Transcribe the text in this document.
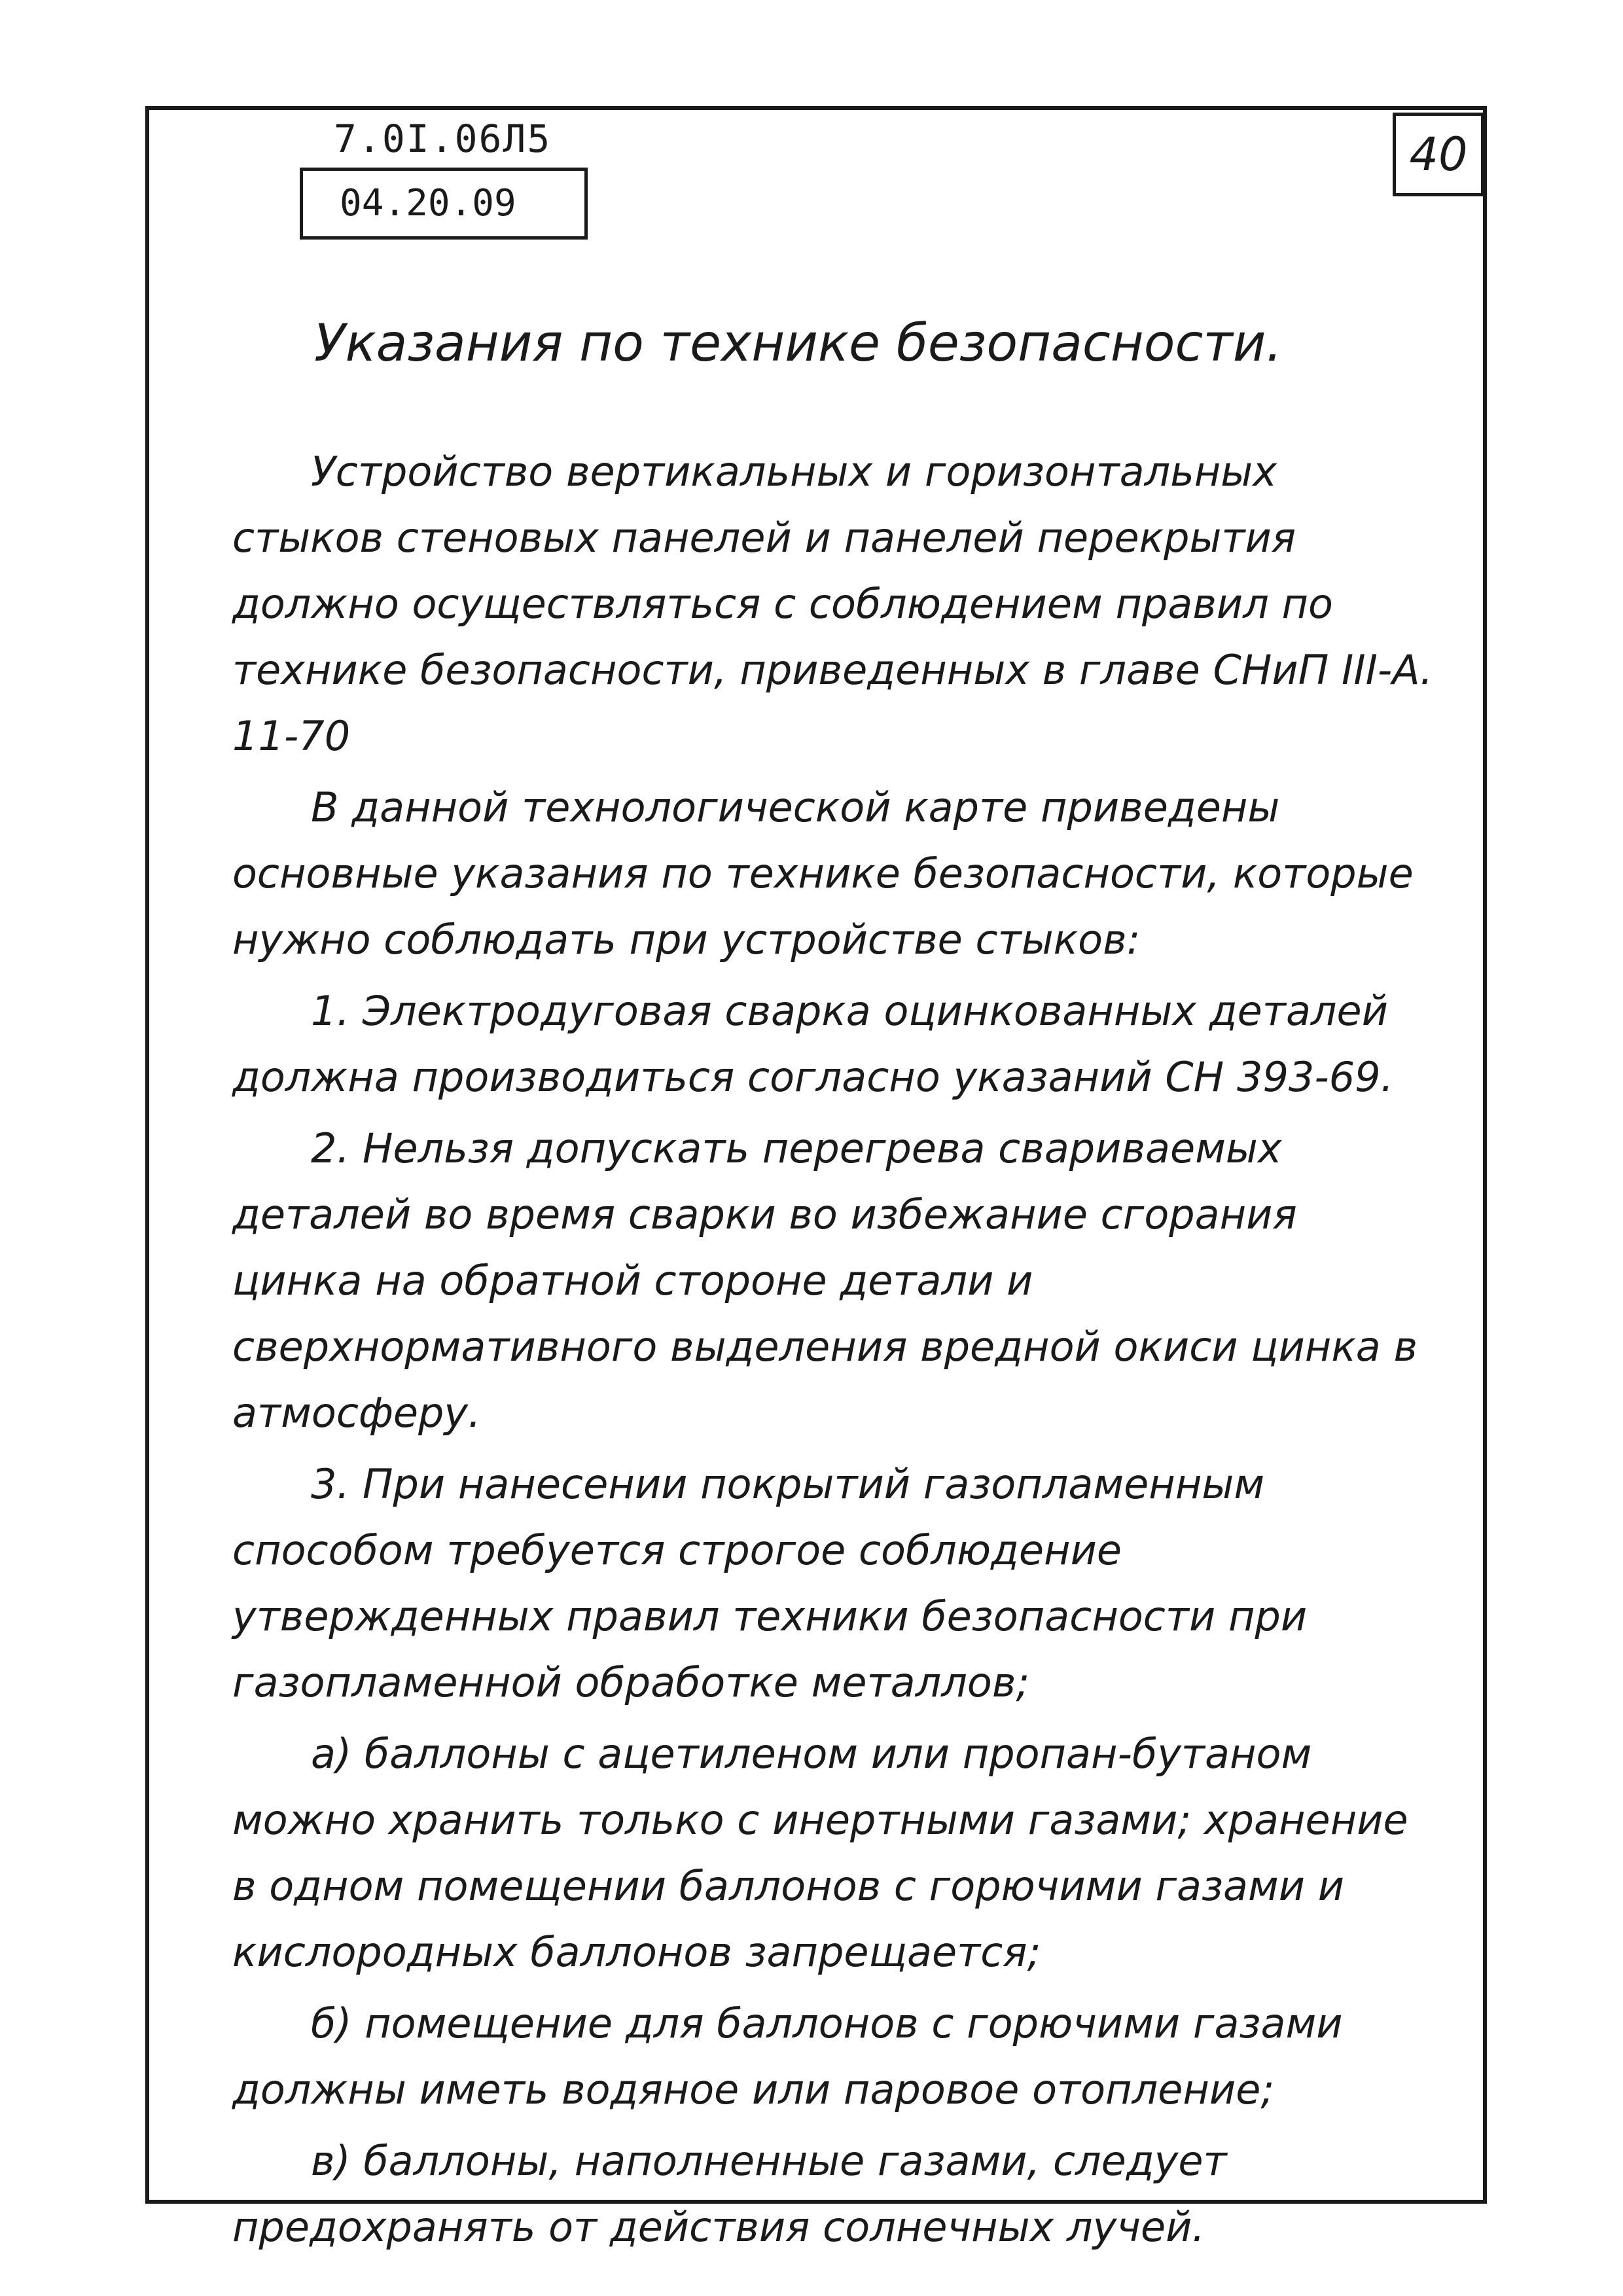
7.0I.06Л5
04.20.09
40
Указания по технике безопасности.

Устройство вертикальных и горизонтальных стыков стеновых панелей и панелей перекрытия должно осуществляться с соблюдением правил по технике безопасности, приведенных в главе СНиП III-А. 11-70

В данной технологической карте приведены основные указания по технике безопасности, которые нужно соблюдать при устройстве стыков:

1. Электродуговая сварка оцинкованных деталей должна производиться согласно указаний СН 393-69.

2. Нельзя допускать перегрева свариваемых деталей во время сварки во избежание сгорания цинка на обратной стороне детали и сверхнормативного выделения вредной окиси цинка в атмосферу.

3. При нанесении покрытий газопламенным способом требуется строгое соблюдение утвержденных правил техники безопасности при газопламенной обработке металлов;

а) баллоны с ацетиленом или пропан-бутаном можно хранить только с инертными газами; хранение в одном помещении баллонов с горючими газами и кислородных баллонов запрещается;

б) помещение для баллонов с горючими газами должны иметь водяное или паровое отопление;

в) баллоны, наполненные газами, следует предохранять от действия солнечных лучей.
